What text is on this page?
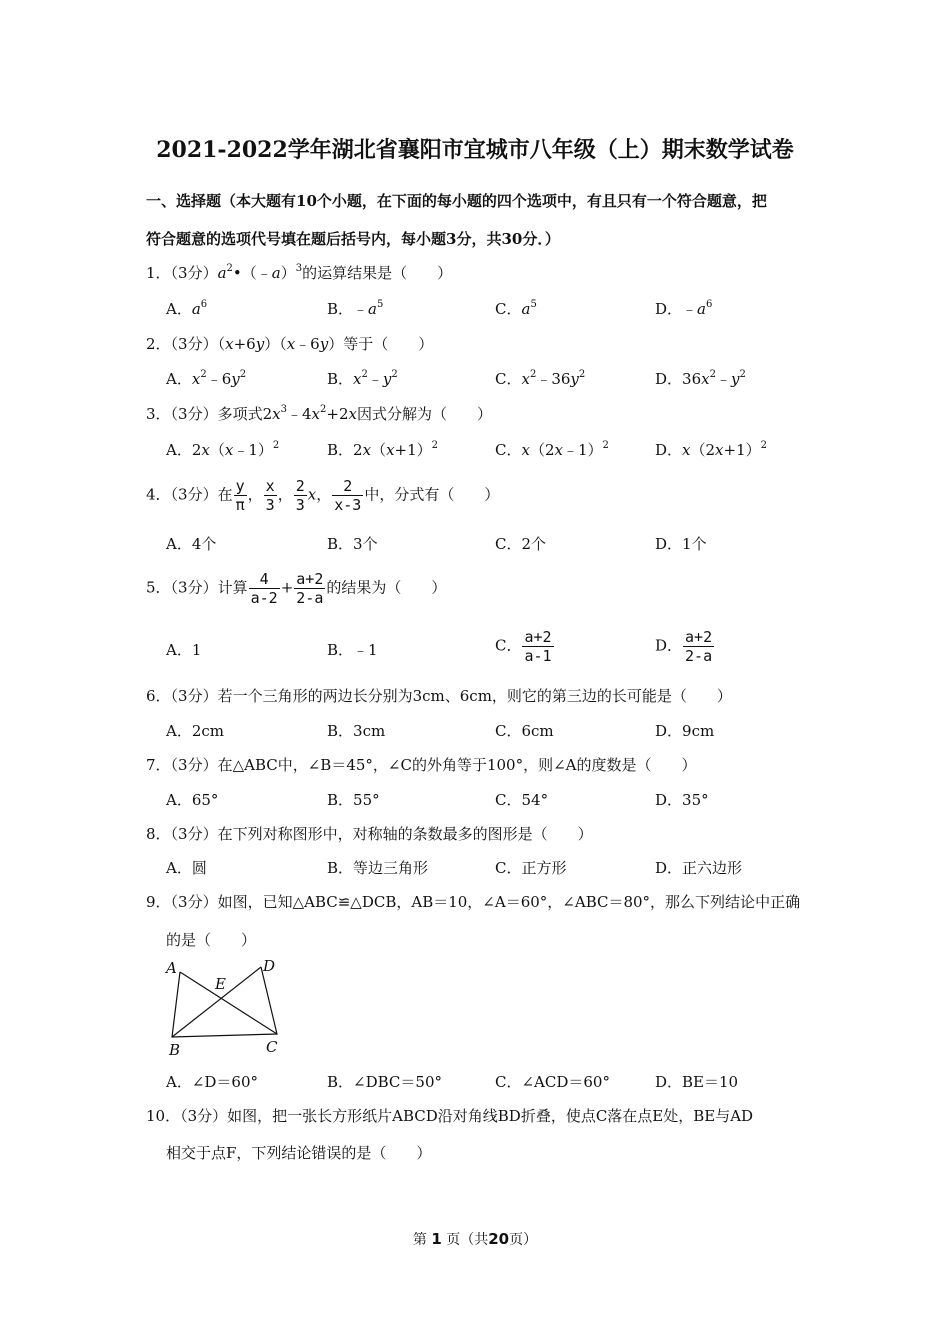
2021-2022学年湖北省襄阳市宜城市八年级（上）期末数学试卷
一、选择题（本大题有10个小题，在下面的每小题的四个选项中，有且只有一个符合题意，把
符合题意的选项代号填在题后括号内，每小题3分，共30分．）
1．（3分）$a^2•(﹣a)^3$的运算结果是（　　）
A．$a^6$	B．$﹣a^5$	C．$a^5$	D．$﹣a^6$
2．（3分）（x+6y）（x﹣6y）等于（　　）
A．$x^2﹣6y^2$	B．$x^2﹣y^2$	C．$x^2﹣36y^2$	D．$36x^2﹣y^2$
3．（3分）多项式$2x^3﹣4x^2+2x$因式分解为（　　）
A．2x（x﹣1）$^2$	B．$2x(x+1)^2$	C．x（2x﹣1）$^2$	D．$x(2x+1)^2$
4．（3分）在 $\frac{y}{\pi}$ ， $\frac{x}{3}$ ， $\frac{2}{3}$ x， $\frac{2}{x-3}$ 中，分式有（　　）
A．4个	B．3个	C．2个	D．1个
5．（3分）计算 $\frac{4}{a-2} + \frac{a+2}{2-a}$ 的结果为（　　）
A．1	B．﹣1	C． $\frac{a+2}{a-1}$	D． $\frac{a+2}{2-a}$
6．（3分）若一个三角形的两边长分别为3cm、6cm，则它的第三边的长可能是（　　）
A．2cm	B．3cm	C．6cm	D．9cm
7．（3分）在△ABC中，∠B＝45°，∠C的外角等于100°，则∠A的度数是（　　）
A．65°	B．55°	C．54°	D．35°
8．（3分）在下列对称图形中，对称轴的条数最多的图形是（　　）
A．圆	B．等边三角形	C．正方形	D．正六边形
9．（3分）如图，已知△ABC≌△DCB，AB＝10，∠A＝60°，∠ABC＝80°，那么下列结论中正确
的是（　　）
A	D
E
B	C
A．∠D＝60°	B．∠DBC＝50°	C．∠ACD＝60°	D．BE＝10
10．（3分）如图，把一张长方形纸片ABCD沿对角线BD折叠，使点C落在点E处，BE与AD
相交于点F，下列结论错误的是（　　）
第 1 页（共20页）
